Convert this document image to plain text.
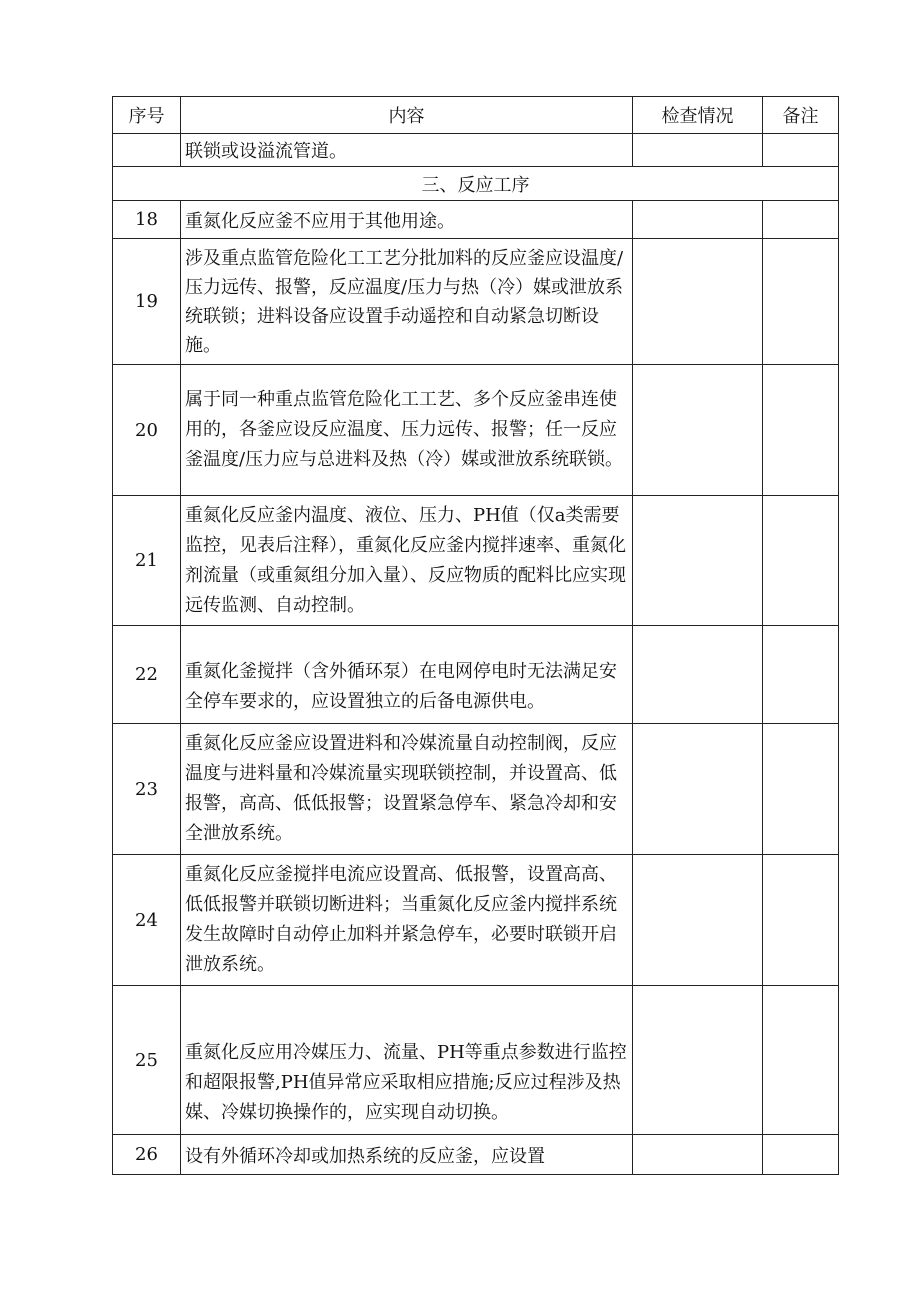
序号	内容	检查情况	备注
	联锁或设溢流管道。		
三、反应工序			
18	重氮化反应釜不应用于其他用途。		
19	涉及重点监管危险化工工艺分批加料的反应釜应设温度/压力远传、报警，反应温度/压力与热（冷）媒或泄放系统联锁；进料设备应设置手动遥控和自动紧急切断设施。		
20	属于同一种重点监管危险化工工艺、多个反应釜串连使用的，各釜应设反应温度、压力远传、报警；任一反应釜温度/压力应与总进料及热（冷）媒或泄放系统联锁。		
21	重氮化反应釜内温度、液位、压力、PH值（仅a类需要监控，见表后注释），重氮化反应釜内搅拌速率、重氮化剂流量（或重氮组分加入量）、反应物质的配料比应实现远传监测、自动控制。		
22	重氮化釜搅拌（含外循环泵）在电网停电时无法满足安全停车要求的，应设置独立的后备电源供电。		
23	重氮化反应釜应设置进料和冷媒流量自动控制阀，反应温度与进料量和冷媒流量实现联锁控制，并设置高、低报警，高高、低低报警；设置紧急停车、紧急冷却和安全泄放系统。		
24	重氮化反应釜搅拌电流应设置高、低报警，设置高高、低低报警并联锁切断进料；当重氮化反应釜内搅拌系统发生故障时自动停止加料并紧急停车，必要时联锁开启泄放系统。		
25	重氮化反应用冷媒压力、流量、PH等重点参数进行监控和超限报警,PH值异常应采取相应措施;反应过程涉及热媒、冷媒切换操作的，应实现自动切换。		
26	设有外循环冷却或加热系统的反应釜，应设置		
